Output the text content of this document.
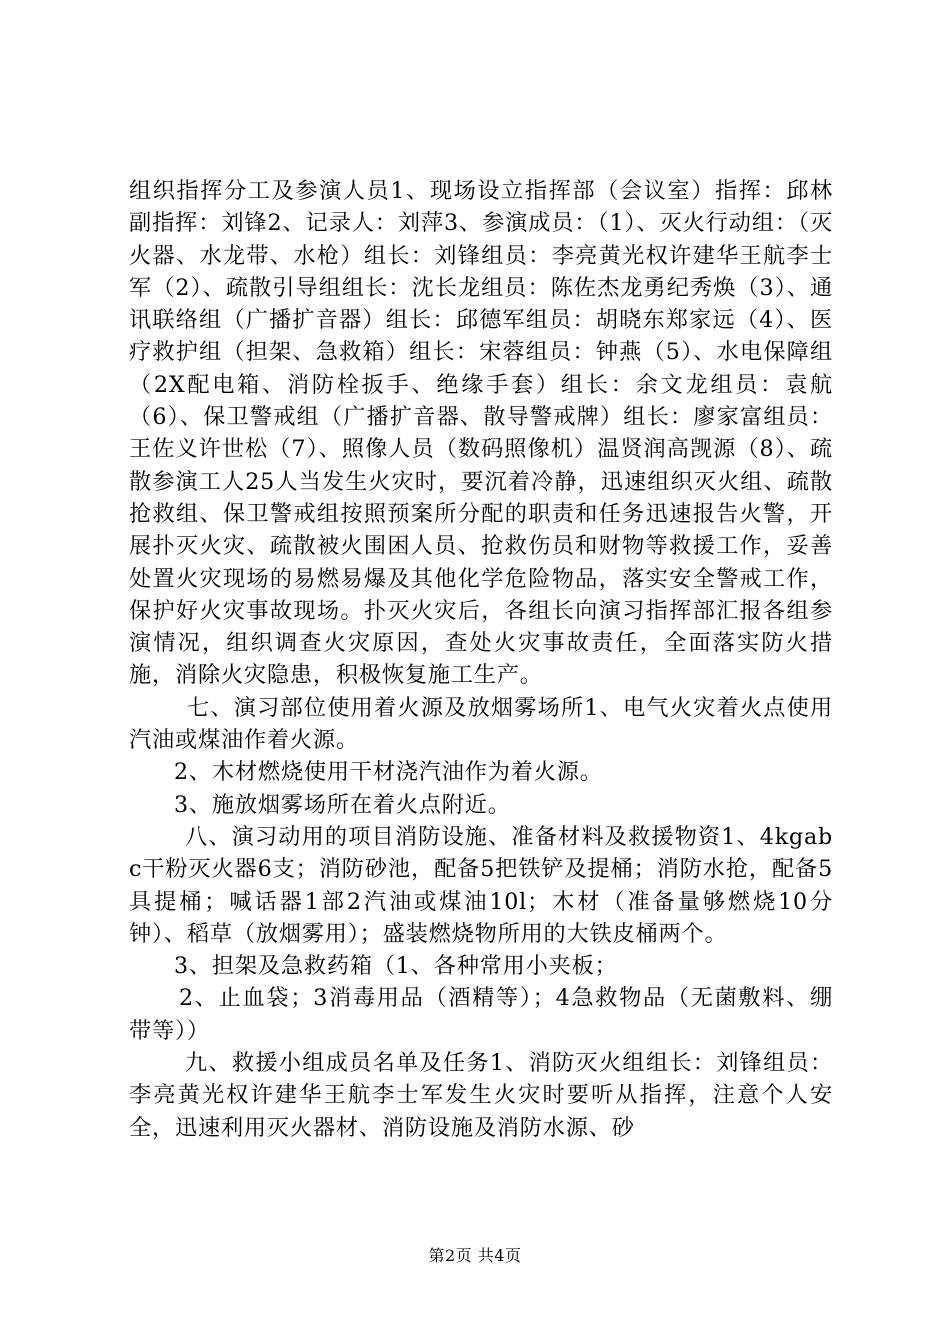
组织指挥分工及参演人员1、现场设立指挥部（会议室）指挥：邱林副指挥：刘锋2、记录人：刘萍3、参演成员：（1）、灭火行动组：（灭火器、水龙带、水枪）组长：刘锋组员：李亮黄光权许建华王航李士军（2）、疏散引导组组长：沈长龙组员：陈佐杰龙勇纪秀焕（3）、通讯联络组（广播扩音器）组长：邱德军组员：胡晓东郑家远（4）、医疗救护组（担架、急救箱）组长：宋蓉组员：钟燕（5）、水电保障组（2X配电箱、消防栓扳手、绝缘手套）组长：余文龙组员：袁航（6）、保卫警戒组（广播扩音器、散导警戒牌）组长：廖家富组员：王佐义许世松（7）、照像人员（数码照像机）温贤润高觊源（8）、疏散参演工人25人当发生火灾时，要沉着冷静，迅速组织灭火组、疏散抢救组、保卫警戒组按照预案所分配的职责和任务迅速报告火警，开展扑灭火灾、疏散被火围困人员、抢救伤员和财物等救援工作，妥善处置火灾现场的易燃易爆及其他化学危险物品，落实安全警戒工作，保护好火灾事故现场。扑灭火灾后，各组长向演习指挥部汇报各组参演情况，组织调查火灾原因，查处火灾事故责任，全面落实防火措施，消除火灾隐患，积极恢复施工生产。

七、演习部位使用着火源及放烟雾场所1、电气火灾着火点使用汽油或煤油作着火源。

2、木材燃烧使用干材浇汽油作为着火源。

3、施放烟雾场所在着火点附近。

八、演习动用的项目消防设施、准备材料及救援物资1、4kgabc干粉灭火器6支；消防砂池，配备5把铁铲及提桶；消防水抢，配备5具提桶；喊话器1部2汽油或煤油10l；木材（准备量够燃烧10分钟）、稻草（放烟雾用）；盛装燃烧物所用的大铁皮桶两个。

3、担架及急救药箱（1、各种常用小夹板；

2、止血袋；3消毒用品（酒精等）；4急救物品（无菌敷料、绷带等））

九、救援小组成员名单及任务1、消防灭火组组长：刘锋组员：李亮黄光权许建华王航李士军发生火灾时要听从指挥，注意个人安全，迅速利用灭火器材、消防设施及消防水源、砂

第2页 共4页
